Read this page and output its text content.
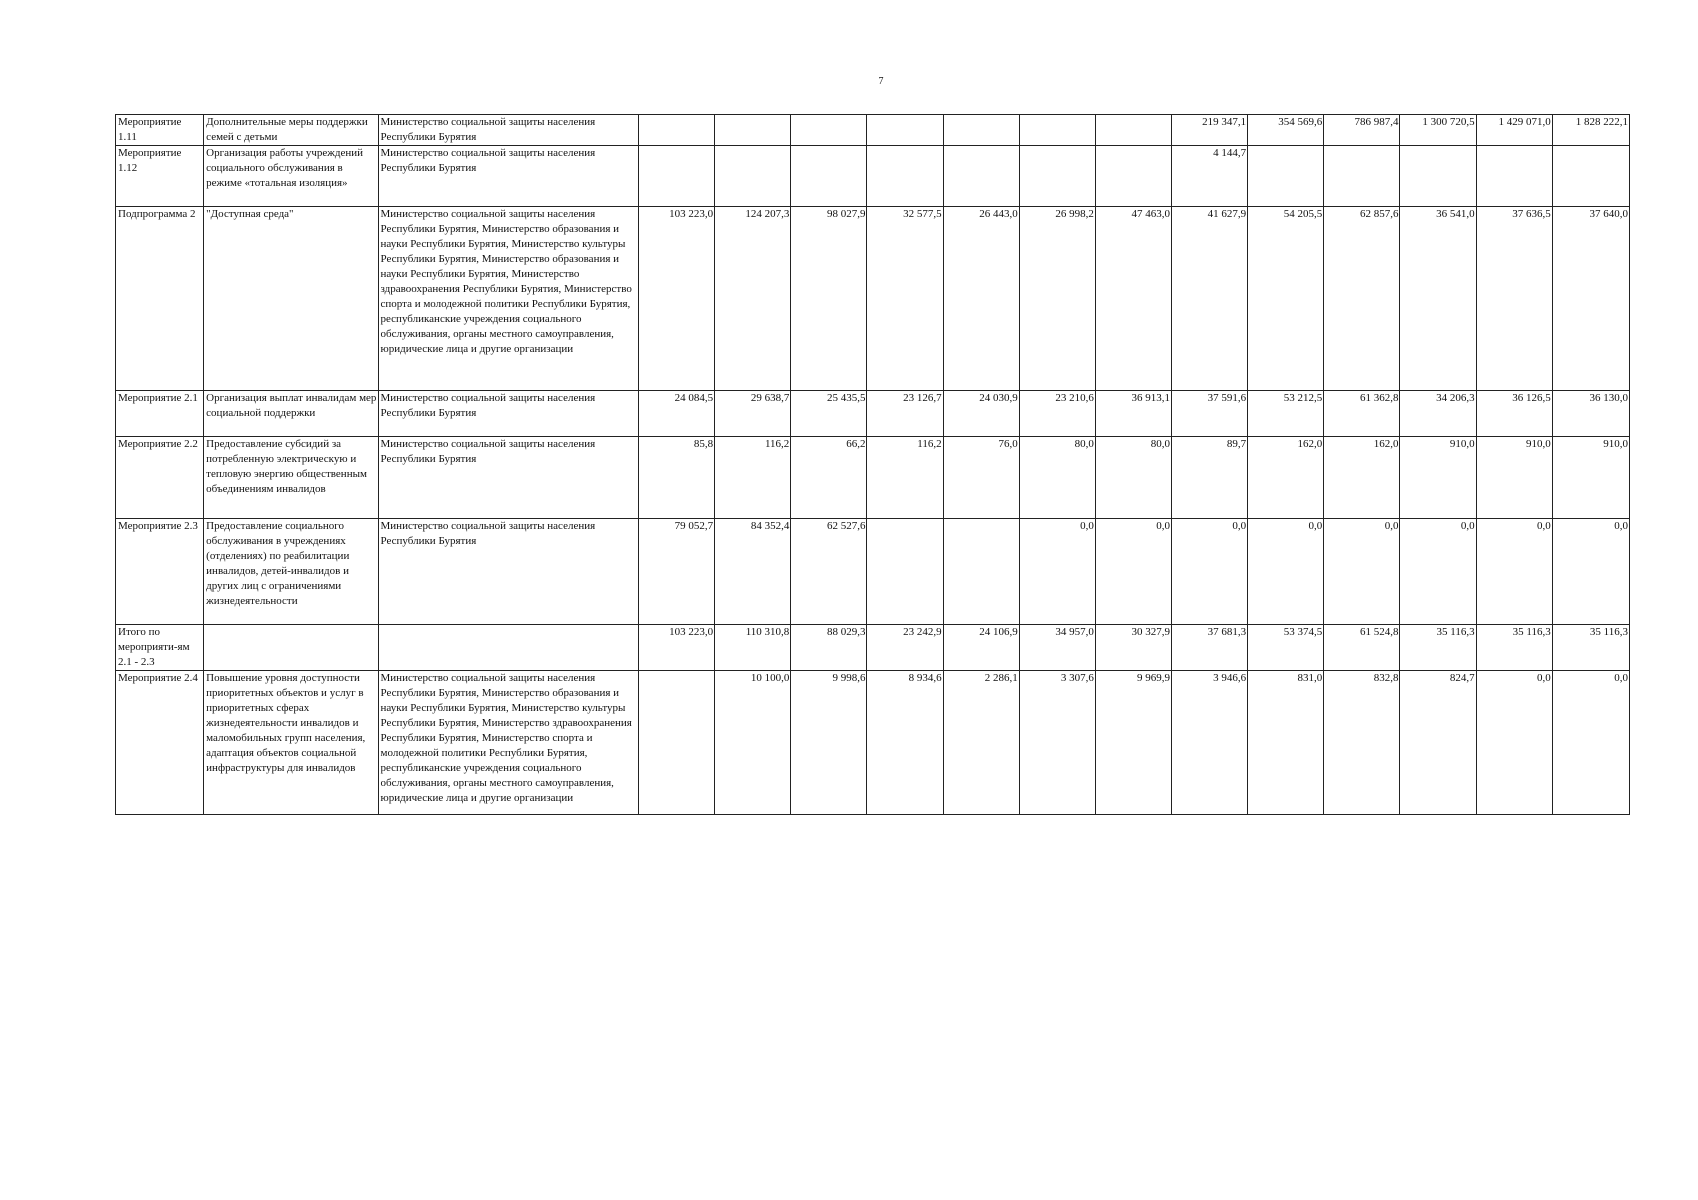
7
Мероприятие 1.11	Дополнительные меры поддержки семей с детьми	Министерство социальной защиты населения Республики Бурятия								219 347,1	354 569,6	786 987,4	1 300 720,5	1 429 071,0	1 828 222,1
Мероприятие 1.12	Организация работы учреждений социального обслуживания в режиме «тотальная изоляция»	Министерство социальной защиты населения Республики Бурятия								4 144,7					
Подпрограмма 2	"Доступная среда"	Министерство социальной защиты населения Республики Бурятия, Министерство образования и науки Республики Бурятия, Министерство культуры Республики Бурятия, Министерство образования и науки Республики Бурятия, Министерство здравоохранения Республики Бурятия, Министерство спорта и молодежной политики Республики Бурятия, республиканские учреждения социального обслуживания, органы местного самоуправления, юридические лица и другие организации	103 223,0	124 207,3	98 027,9	32 577,5	26 443,0	26 998,2	47 463,0	41 627,9	54 205,5	62 857,6	36 541,0	37 636,5	37 640,0
Мероприятие 2.1	Организация выплат инвалидам мер социальной поддержки	Министерство социальной защиты населения Республики Бурятия	24 084,5	29 638,7	25 435,5	23 126,7	24 030,9	23 210,6	36 913,1	37 591,6	53 212,5	61 362,8	34 206,3	36 126,5	36 130,0
Мероприятие 2.2	Предоставление субсидий за потребленную электрическую и тепловую энергию общественным объединениям инвалидов	Министерство социальной защиты населения Республики Бурятия	85,8	116,2	66,2	116,2	76,0	80,0	80,0	89,7	162,0	162,0	910,0	910,0	910,0
Мероприятие 2.3	Предоставление социального обслуживания в учреждениях (отделениях) по реабилитации инвалидов, детей-инвалидов и других лиц с ограничениями жизнедеятельности	Министерство социальной защиты населения Республики Бурятия	79 052,7	84 352,4	62 527,6			0,0	0,0	0,0	0,0	0,0	0,0	0,0	0,0
Итого по мероприяти-ям 2.1 - 2.3			103 223,0	110 310,8	88 029,3	23 242,9	24 106,9	34 957,0	30 327,9	37 681,3	53 374,5	61 524,8	35 116,3	35 116,3	35 116,3
Мероприятие 2.4	Повышение уровня доступности приоритетных объектов и услуг в приоритетных сферах жизнедеятельности инвалидов и маломобильных групп населения, адаптация объектов социальной инфраструктуры для инвалидов	Министерство социальной защиты населения Республики Бурятия, Министерство образования и науки Республики Бурятия, Министерство культуры Республики Бурятия, Министерство здравоохранения Республики Бурятия, Министерство спорта и молодежной политики Республики Бурятия, республиканские учреждения социального обслуживания, органы местного самоуправления, юридические лица и другие организации		10 100,0	9 998,6	8 934,6	2 286,1	3 307,6	9 969,9	3 946,6	831,0	832,8	824,7	0,0	0,0
